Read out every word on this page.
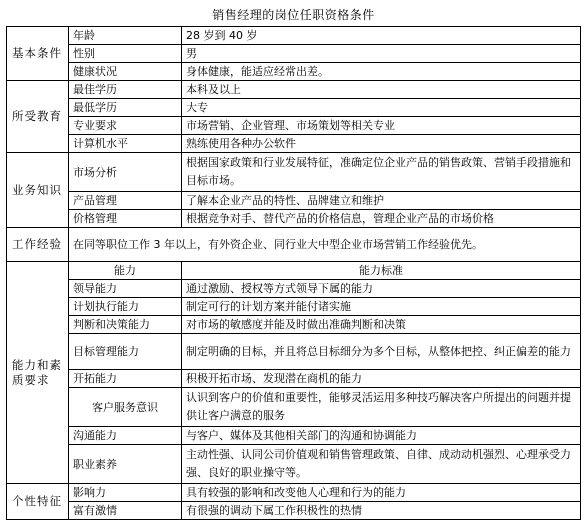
销售经理的岗位任职资格条件
基本条件	年龄	28 岁到 40 岁
	性别	男
	健康状况	身体健康，能适应经常出差。
所受教育	最佳学历	本科及以上
	最低学历	大专
	专业要求	市场营销、企业管理、市场策划等相关专业
	计算机水平	熟练使用各种办公软件
业务知识	市场分析	根据国家政策和行业发展特征，准确定位企业产品的销售政策、营销手段措施和目标市场。
	产品管理	了解本企业产品的特性、品牌建立和维护
	价格管理	根据竞争对手、替代产品的价格信息，管理企业产品的市场价格
工作经验	在同等职位工作 3 年以上，有外资企业、同行业大中型企业市场营销工作经验优先。	
能力和素质要求	能力	能力标准
	领导能力	通过激励、授权等方式领导下属的能力
	计划执行能力	制定可行的计划方案并能付诸实施
	判断和决策能力	对市场的敏感度并能及时做出准确判断和决策
	目标管理能力	制定明确的目标，并且将总目标细分为多个目标，从整体把控、纠正偏差的能力
	开拓能力	积极开拓市场、发现潜在商机的能力
	客户服务意识	认识到客户的价值和重要性，能够灵活运用多种技巧解决客户所提出的问题并提供让客户满意的服务
	沟通能力	与客户、媒体及其他相关部门的沟通和协调能力
	职业素养	主动性强、认同公司价值观和销售管理政策、自律、成动动机强烈、心理承受力强、良好的职业操守等。
个性特征	影响力	具有较强的影响和改变他人心理和行为的能力
	富有激情	有很强的调动下属工作积极性的热情
